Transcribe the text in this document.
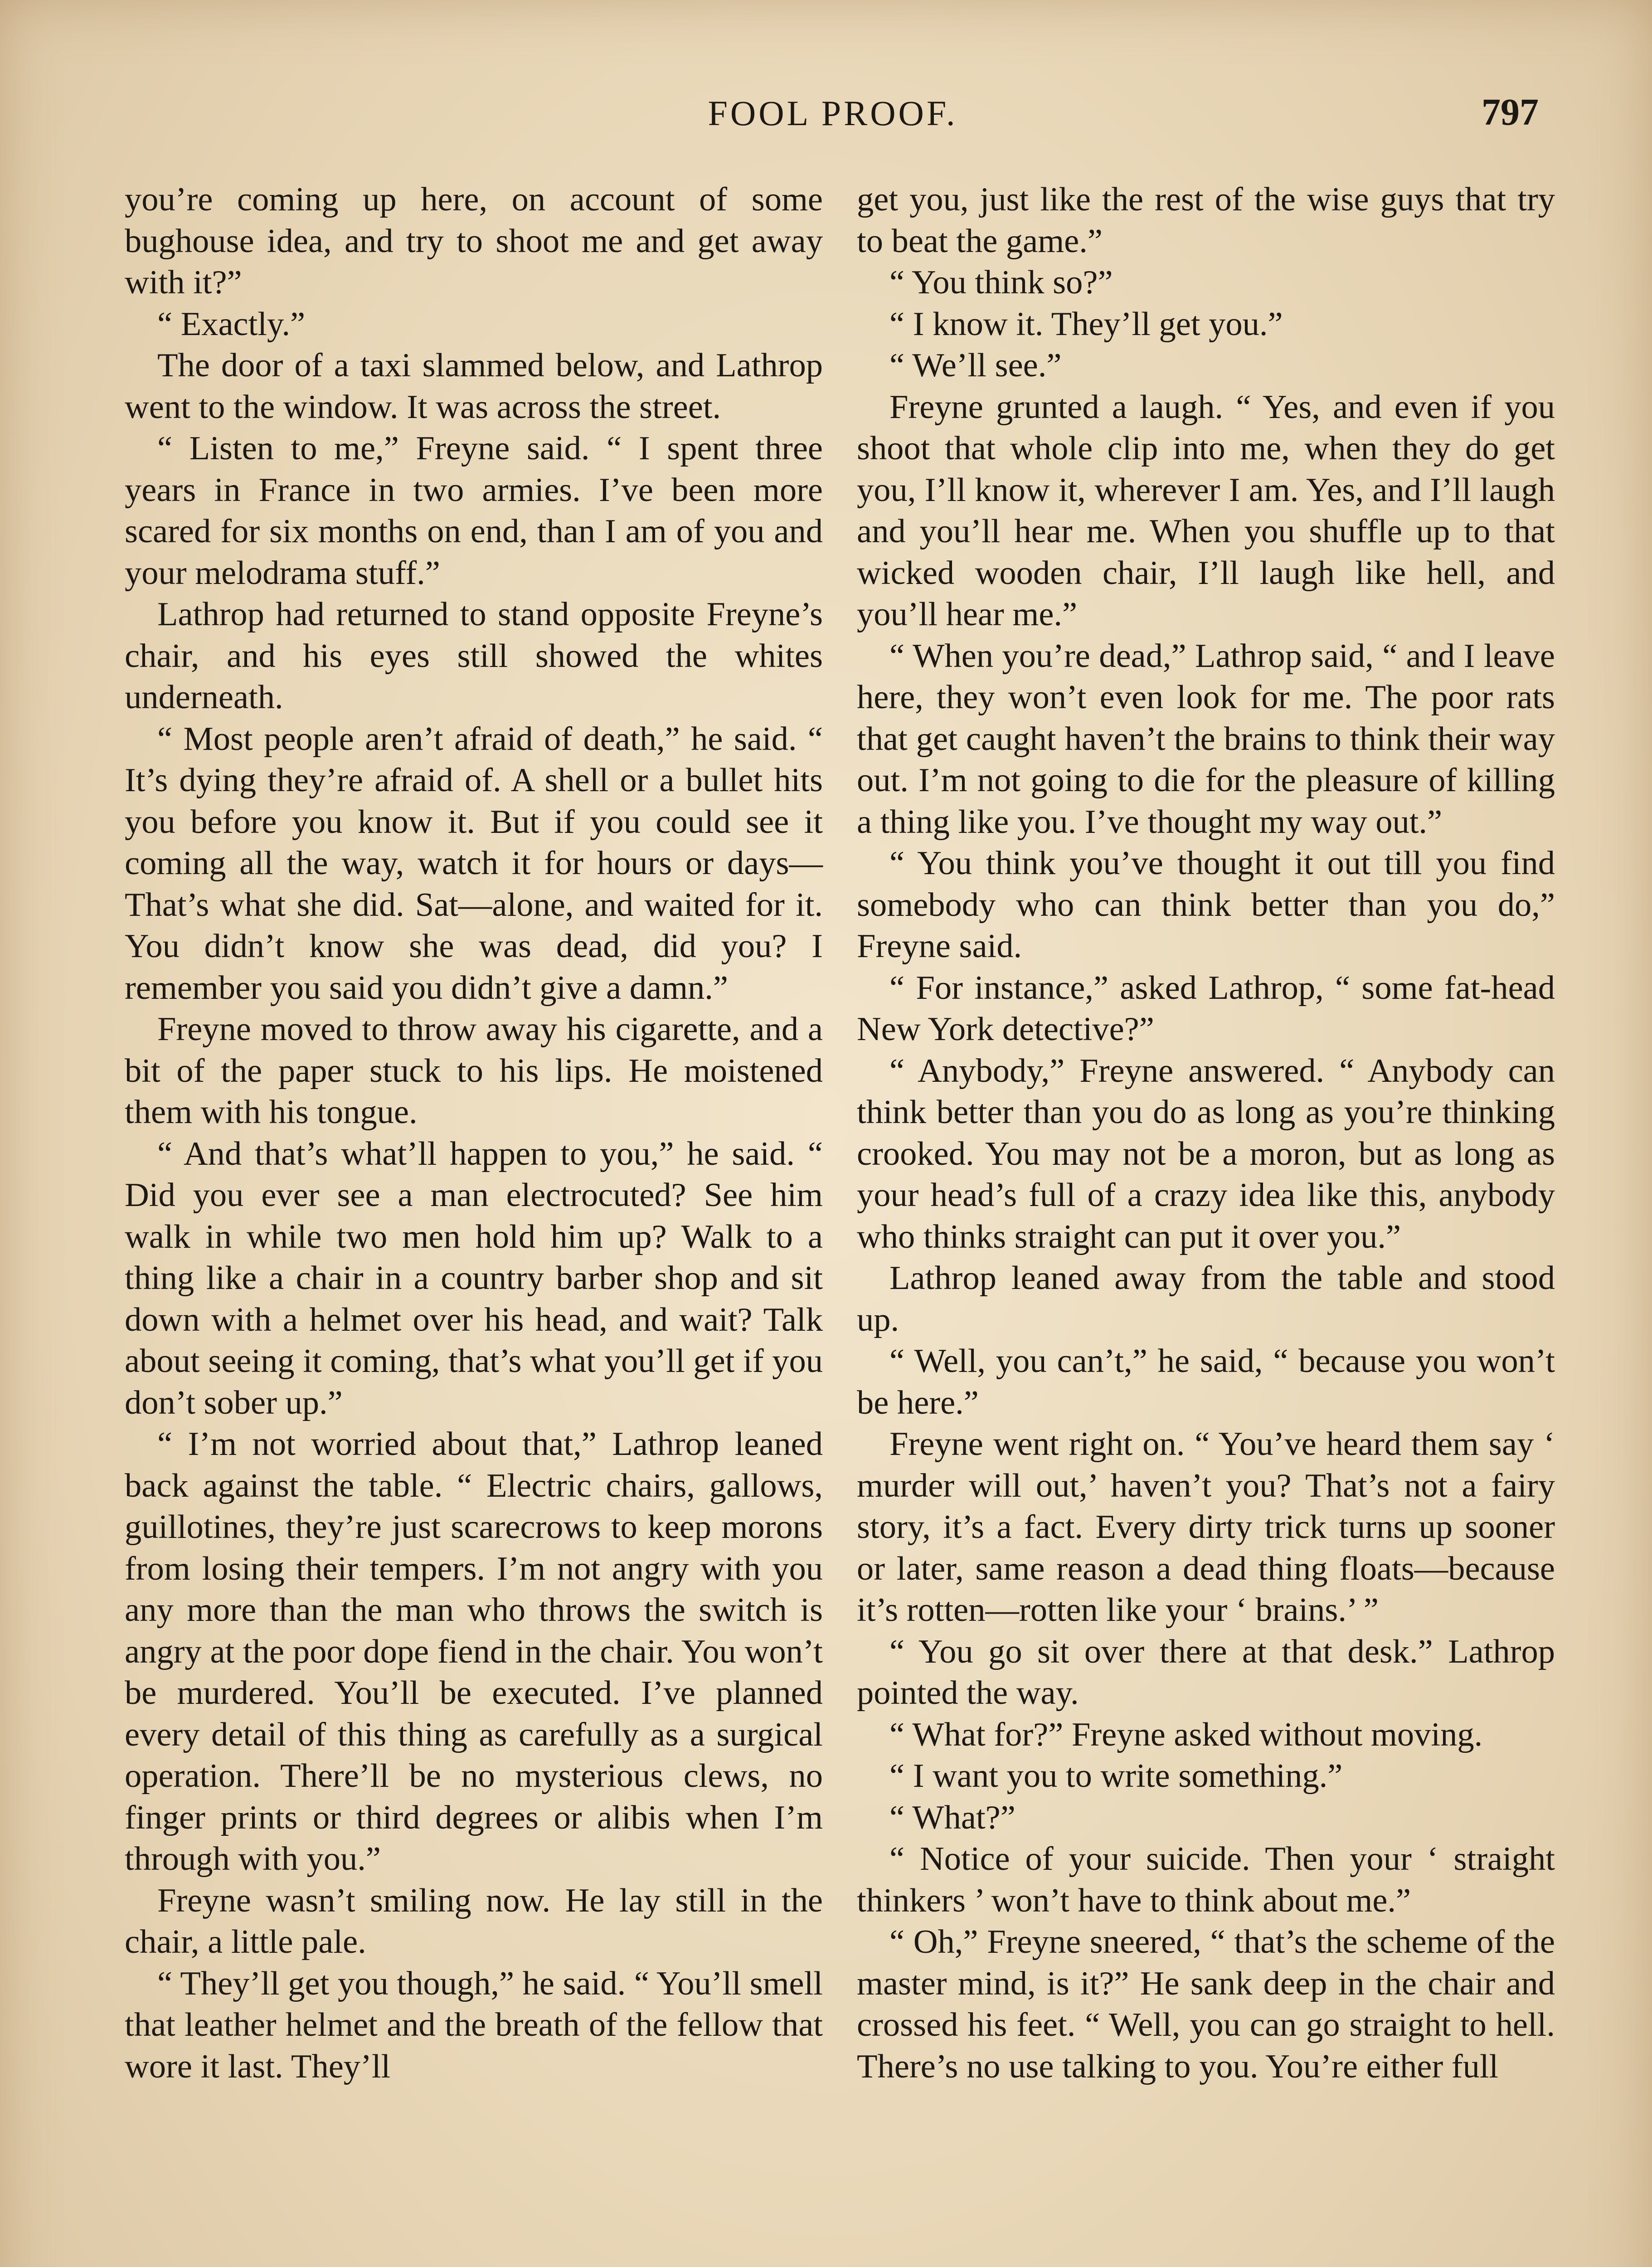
FOOL PROOF.	797

you’re coming up here, on account of some bughouse idea, and try to shoot me and get away with it?”

“ Exactly.”

The door of a taxi slammed below, and Lathrop went to the window. It was across the street.

“ Listen to me,” Freyne said. “ I spent three years in France in two armies. I’ve been more scared for six months on end, than I am of you and your melodrama stuff.”

Lathrop had returned to stand opposite Freyne’s chair, and his eyes still showed the whites underneath.

“ Most people aren’t afraid of death,” he said. “ It’s dying they’re afraid of. A shell or a bullet hits you before you know it. But if you could see it coming all the way, watch it for hours or days— That’s what she did. Sat—alone, and waited for it. You didn’t know she was dead, did you? I remember you said you didn’t give a damn.”

Freyne moved to throw away his cigarette, and a bit of the paper stuck to his lips. He moistened them with his tongue.

“ And that’s what’ll happen to you,” he said. “ Did you ever see a man electrocuted? See him walk in while two men hold him up? Walk to a thing like a chair in a country barber shop and sit down with a helmet over his head, and wait? Talk about seeing it coming, that’s what you’ll get if you don’t sober up.”

“ I’m not worried about that,” Lathrop leaned back against the table. “ Electric chairs, gallows, guillotines, they’re just scarecrows to keep morons from losing their tempers. I’m not angry with you any more than the man who throws the switch is angry at the poor dope fiend in the chair. You won’t be murdered. You’ll be executed. I’ve planned every detail of this thing as carefully as a surgical operation. There’ll be no mysterious clews, no finger prints or third degrees or alibis when I’m through with you.”

Freyne wasn’t smiling now. He lay still in the chair, a little pale.

“ They’ll get you though,” he said. “ You’ll smell that leather helmet and the breath of the fellow that wore it last. They’ll

get you, just like the rest of the wise guys that try to beat the game.”

“ You think so?”

“ I know it. They’ll get you.”

“ We’ll see.”

Freyne grunted a laugh. “ Yes, and even if you shoot that whole clip into me, when they do get you, I’ll know it, wherever I am. Yes, and I’ll laugh and you’ll hear me. When you shuffle up to that wicked wooden chair, I’ll laugh like hell, and you’ll hear me.”

“ When you’re dead,” Lathrop said, “ and I leave here, they won’t even look for me. The poor rats that get caught haven’t the brains to think their way out. I’m not going to die for the pleasure of killing a thing like you. I’ve thought my way out.”

“ You think you’ve thought it out till you find somebody who can think better than you do,” Freyne said.

“ For instance,” asked Lathrop, “ some fat-head New York detective?”

“ Anybody,” Freyne answered. “ Anybody can think better than you do as long as you’re thinking crooked. You may not be a moron, but as long as your head’s full of a crazy idea like this, anybody who thinks straight can put it over you.”

Lathrop leaned away from the table and stood up.

“ Well, you can’t,” he said, “ because you won’t be here.”

Freyne went right on. “ You’ve heard them say ‘ murder will out,’ haven’t you? That’s not a fairy story, it’s a fact. Every dirty trick turns up sooner or later, same reason a dead thing floats—because it’s rotten—rotten like your ‘ brains.’ ”

“ You go sit over there at that desk.” Lathrop pointed the way.

“ What for?” Freyne asked without moving.

“ I want you to write something.”

“ What?”

“ Notice of your suicide. Then your ‘ straight thinkers ’ won’t have to think about me.”

“ Oh,” Freyne sneered, “ that’s the scheme of the master mind, is it?” He sank deep in the chair and crossed his feet. “ Well, you can go straight to hell. There’s no use talking to you. You’re either full
